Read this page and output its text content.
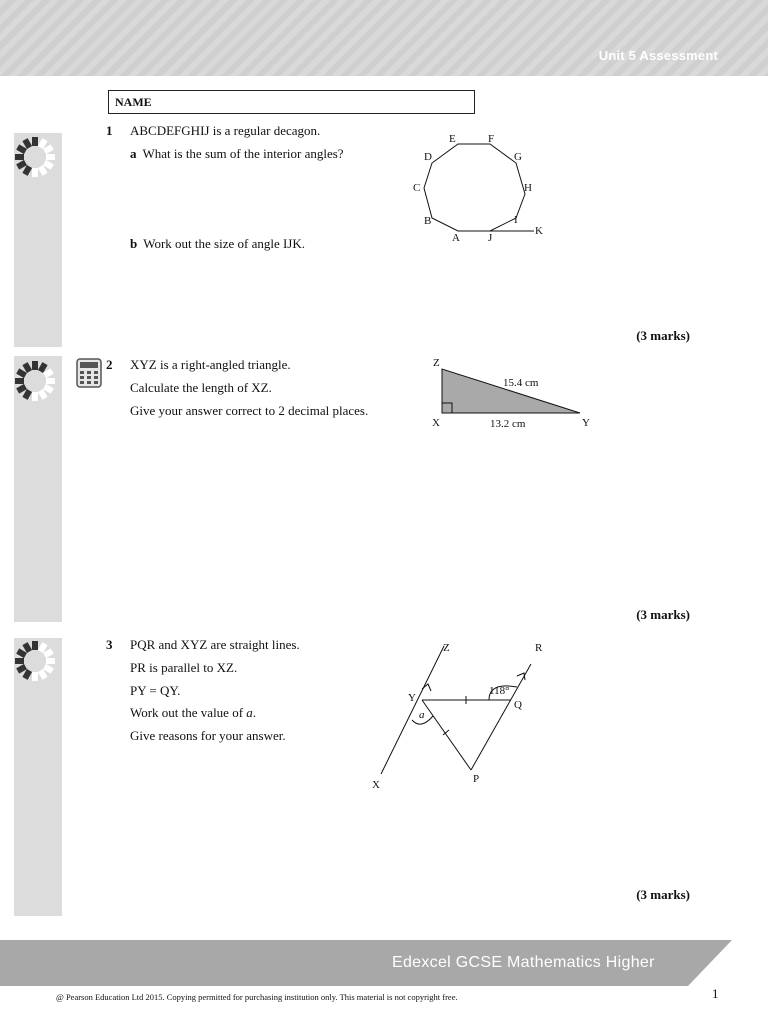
Unit 5 Assessment
NAME
1 ABCDEFGHIJ is a regular decagon.
a What is the sum of the interior angles?
b Work out the size of angle IJK.
(3 marks)
E	F
D	G
C	H
B	I
A	J
K
2 XYZ is a right-angled triangle.
Calculate the length of XZ.
Give your answer correct to 2 decimal places.
(3 marks)
Z
X	Y
15.4 cm
13.2 cm
3 PQR and XYZ are straight lines.
PR is parallel to XZ.
PY = QY.
Work out the value of a.
Give reasons for your answer.
(3 marks)
Z	R
Y
Q
118°
a
P
X
Edexcel GCSE Mathematics Higher
@ Pearson Education Ltd 2015. Copying permitted for purchasing institution only. This material is not copyright free.	1
